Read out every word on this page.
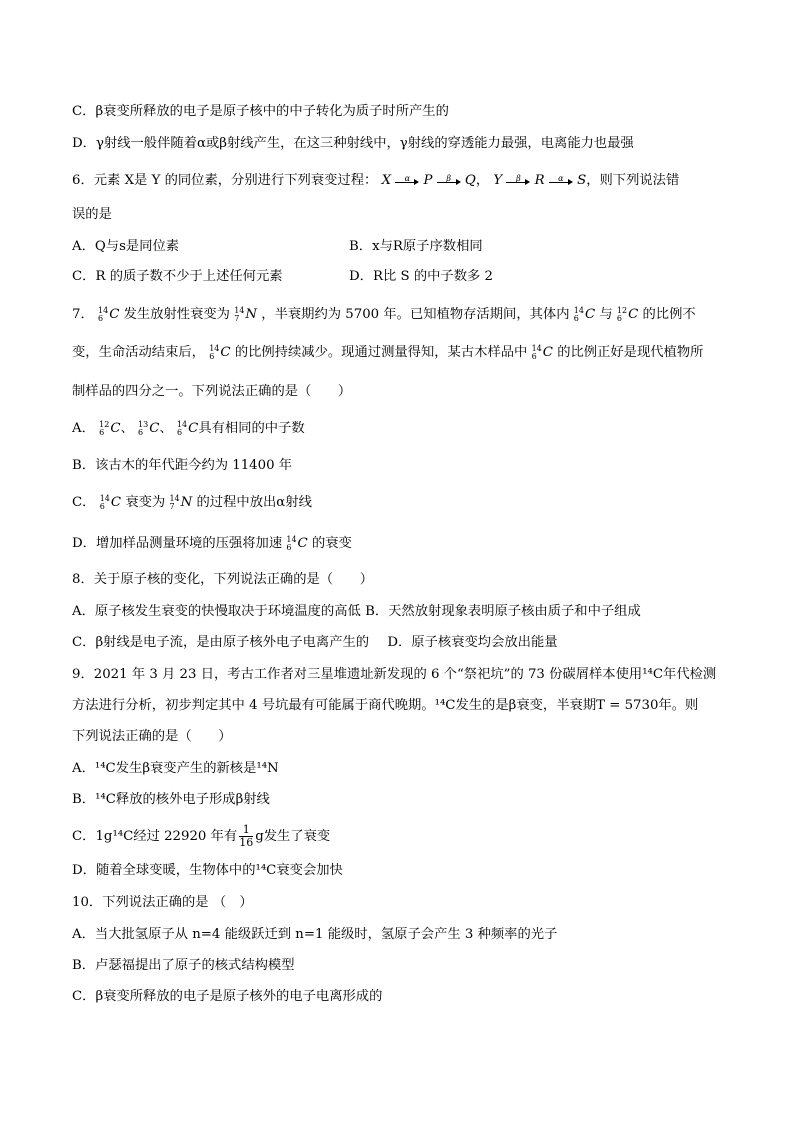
C．β衰变所释放的电子是原子核中的中子转化为质子时所产生的
D．γ射线一般伴随着α或β射线产生，在这三种射线中，γ射线的穿透能力最强，电离能力也最强
6．元素 X是 Y 的同位素，分别进行下列衰变过程： X	α	P	β	Q， Y	β	R	α	S，则下列说法错
误的是
A．Q与s是同位素	B．x与R原子序数相同
C．R 的质子数不少于上述任何元素	D．R比 S 的中子数多 2
7． 14
6 C 发生放射性衰变为 14
7 N ，半衰期约为 5700 年。已知植物存活期间，其体内 14
6 C 与 12
6 C 的比例不
变，生命活动结束后， 14
6 C 的比例持续减少。现通过测量得知，某古木样品中 14
6 C 的比例正好是现代植物所
制样品的四分之一。下列说法正确的是（　　）
A． 12
6 C、 13
6 C、 14
6 C具有相同的中子数
B．该古木的年代距今约为 11400 年
C． 14
6 C 衰变为 14
7 N 的过程中放出α射线
D．增加样品测量环境的压强将加速 14
6 C 的衰变
8．关于原子核的变化，下列说法正确的是（　　）
A．原子核发生衰变的快慢取决于环境温度的高低 B．天然放射现象表明原子核由质子和中子组成
C．β射线是电子流，是由原子核外电子电离产生的 D．原子核衰变均会放出能量
9．2021 年 3 月 23 日，考古工作者对三星堆遗址新发现的 6 个“祭祀坑”的 73 份碳屑样本使用¹⁴C年代检测
方法进行分析，初步判定其中 4 号坑最有可能属于商代晚期。¹⁴C发生的是β衰变，半衰期T = 5730年。则
下列说法正确的是（　　）
A．¹⁴C发生β衰变产生的新核是¹⁴N
B．¹⁴C释放的核外电子形成β射线
C．1g¹⁴C经过 22920 年有 $\frac{1}{16}$ g发生了衰变
D．随着全球变暖，生物体中的¹⁴C衰变会加快
10．下列说法正确的是 （　）
A．当大批氢原子从 n=4 能级跃迁到 n=1 能级时，氢原子会产生 3 种频率的光子
B．卢瑟福提出了原子的核式结构模型
C．β衰变所释放的电子是原子核外的电子电离形成的
